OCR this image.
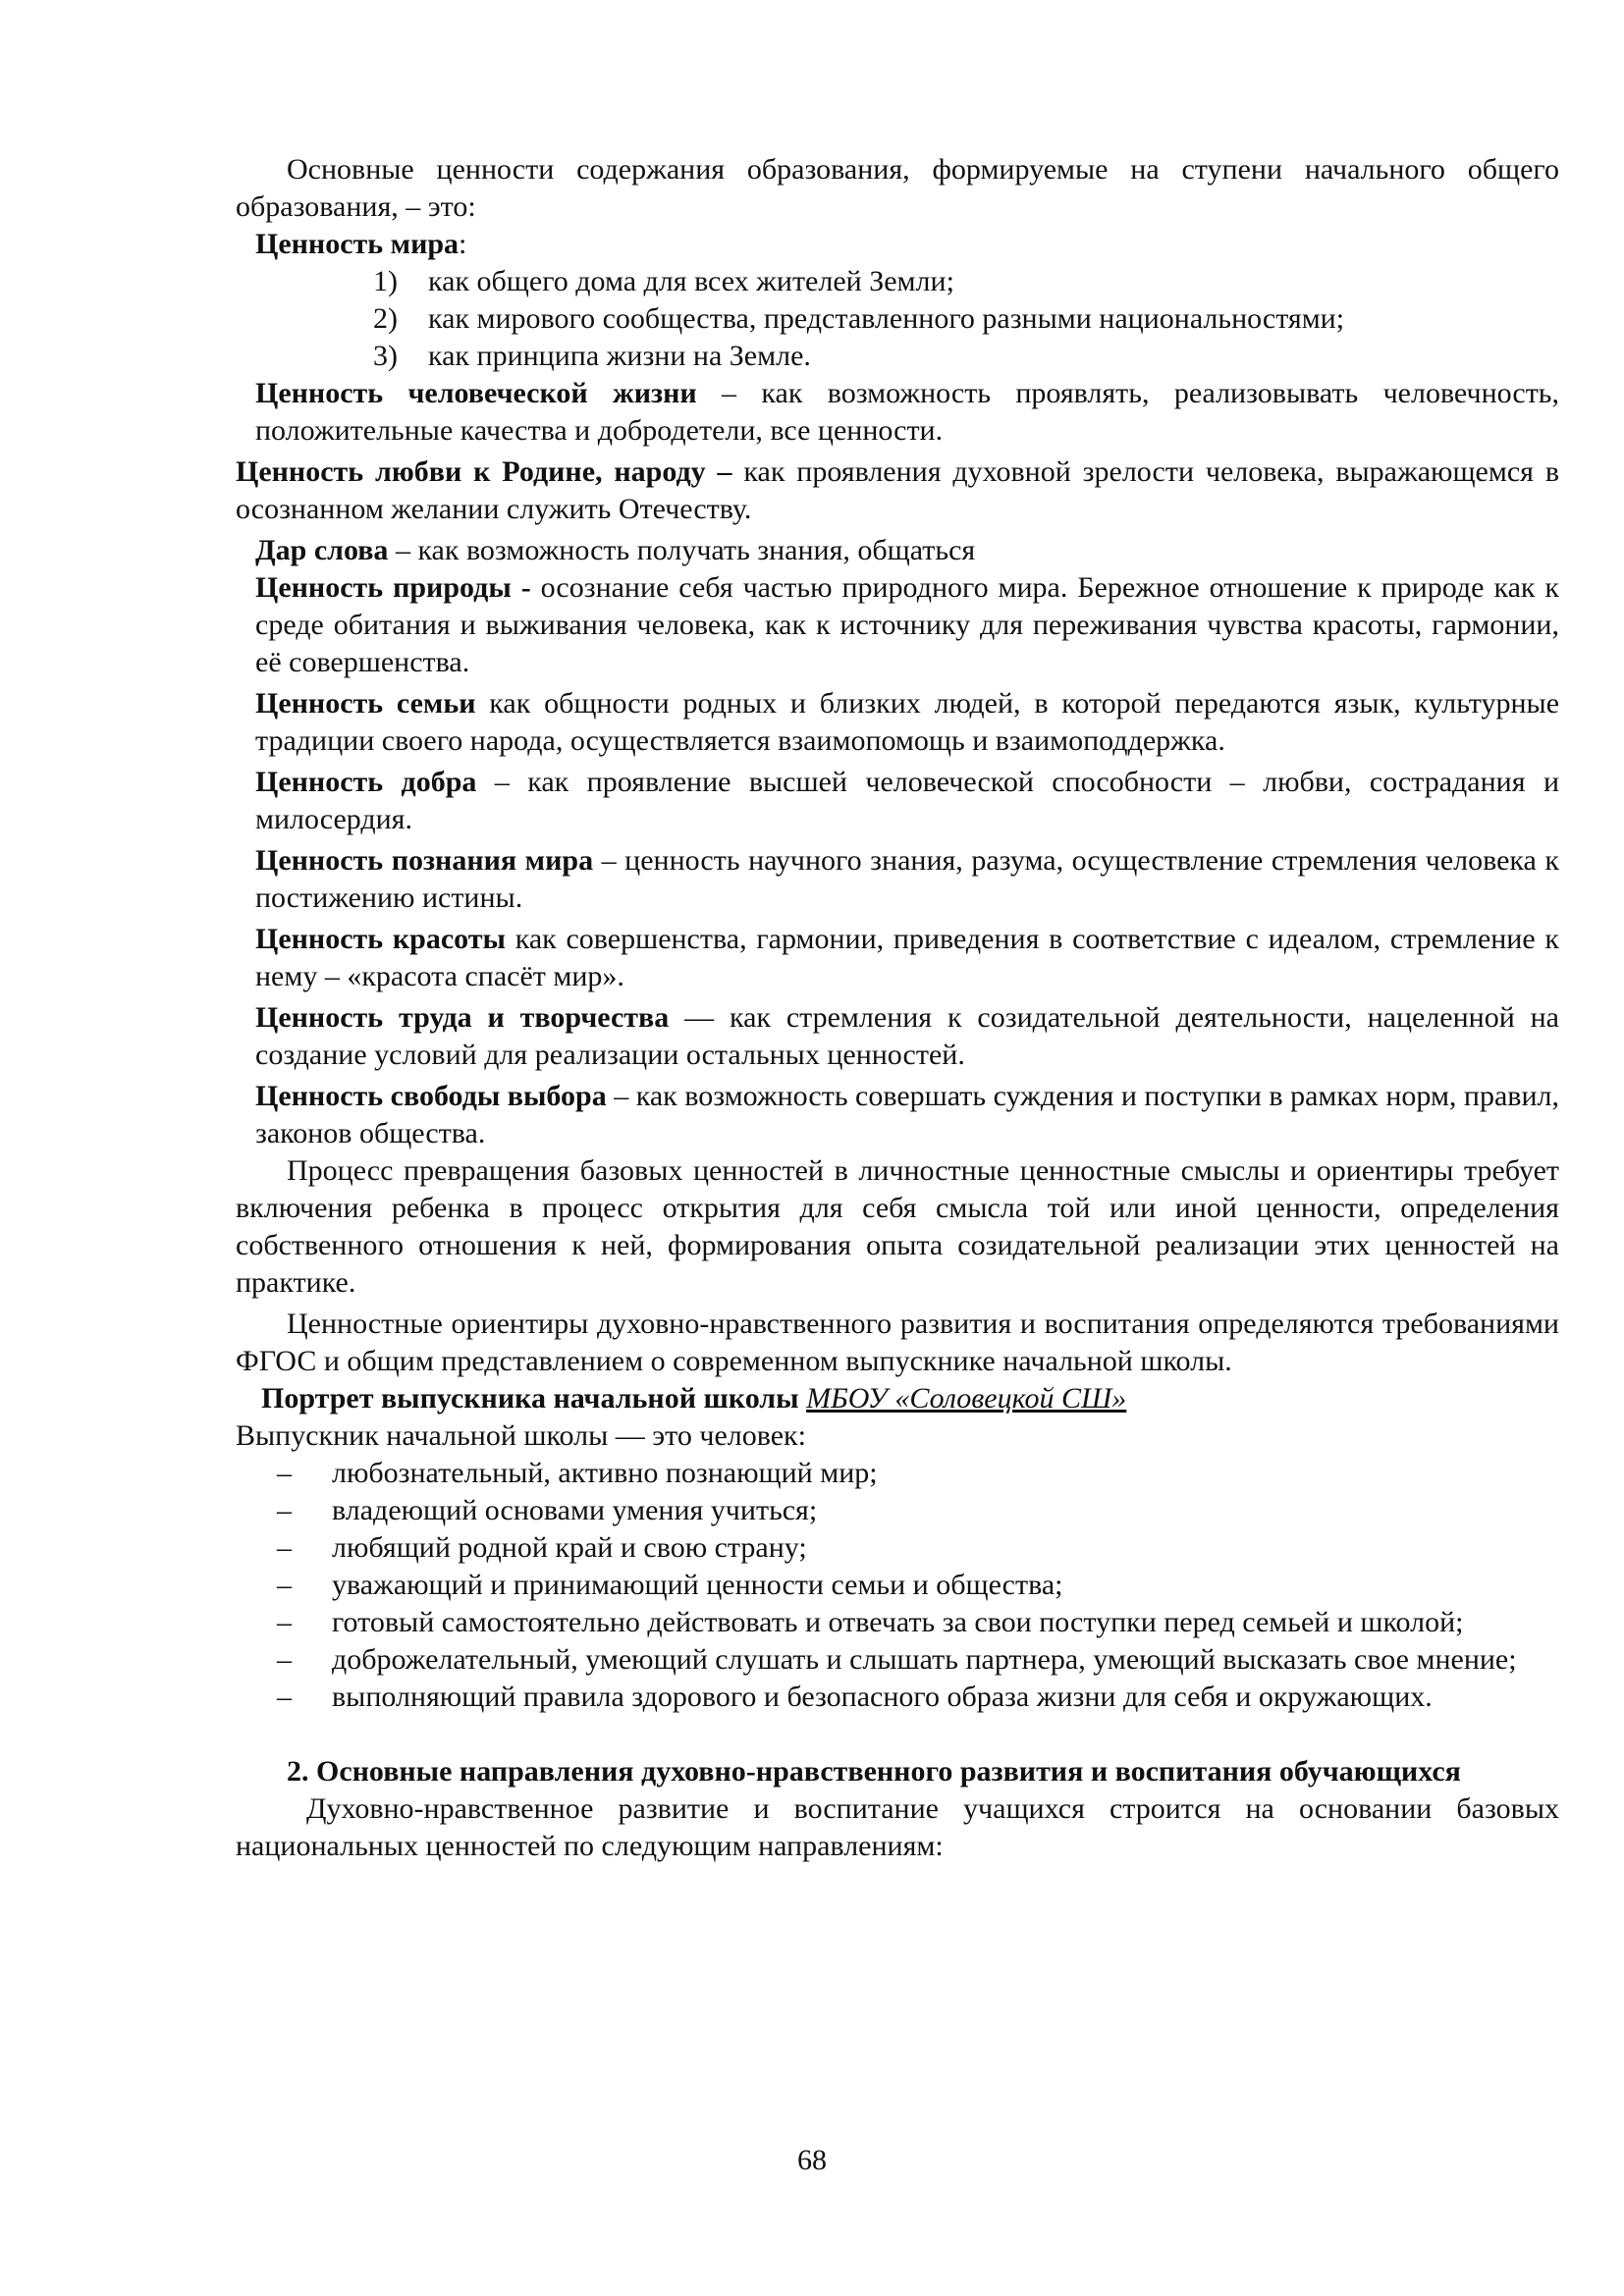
Основные ценности содержания образования, формируемые на ступени начального общего образования, – это:

Ценность мира:

1) как общего дома для всех жителей Земли;
2) как мирового сообщества, представленного разными национальностями;
3) как принципа жизни на Земле.

Ценность человеческой жизни – как возможность проявлять, реализовывать человечность, положительные качества и добродетели, все ценности.

Ценность любви к Родине, народу – как проявления духовной зрелости человека, выражающемся в осознанном желании служить Отечеству.

Дар слова – как возможность получать знания, общаться

Ценность природы - осознание себя частью природного мира. Бережное отношение к природе как к среде обитания и выживания человека, как к источнику для переживания чувства красоты, гармонии, её совершенства.

Ценность семьи как общности родных и близких людей, в которой передаются язык, культурные традиции своего народа, осуществляется взаимопомощь и взаимоподдержка.

Ценность добра – как проявление высшей человеческой способности – любви, сострадания и милосердия.

Ценность познания мира – ценность научного знания, разума, осуществление стремления человека к постижению истины.

Ценность красоты как совершенства, гармонии, приведения в соответствие с идеалом, стремление к нему – «красота спасёт мир».

Ценность труда и творчества — как стремления к созидательной деятельности, нацеленной на создание условий для реализации остальных ценностей.

Ценность свободы выбора – как возможность совершать суждения и поступки в рамках норм, правил, законов общества.

Процесс превращения базовых ценностей в личностные ценностные смыслы и ориентиры требует включения ребенка в процесс открытия для себя смысла той или иной ценности, определения собственного отношения к ней, формирования опыта созидательной реализации этих ценностей на практике.

Ценностные ориентиры духовно-нравственного развития и воспитания определяются требованиями ФГОС и общим представлением о современном выпускнике начальной школы.

Портрет выпускника начальной школы МБОУ «Соловецкой СШ»

Выпускник начальной школы — это человек:

– любознательный, активно познающий мир;
– владеющий основами умения учиться;
– любящий родной край и свою страну;
– уважающий и принимающий ценности семьи и общества;
– готовый самостоятельно действовать и отвечать за свои поступки перед семьей и школой;
– доброжелательный, умеющий слушать и слышать партнера, умеющий высказать свое мнение;
– выполняющий правила здорового и безопасного образа жизни для себя и окружающих.

2. Основные направления духовно-нравственного развития и воспитания обучающихся

Духовно-нравственное развитие и воспитание учащихся строится на основании базовых национальных ценностей по следующим направлениям:

68
